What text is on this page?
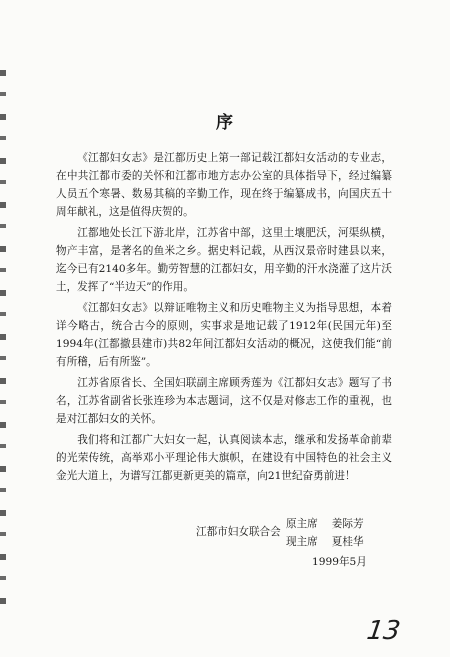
序

《江都妇女志》是江都历史上第一部记载江都妇女活动的专业志，在中共江都市委的关怀和江都市地方志办公室的具体指导下，经过编纂人员五个寒暑、数易其稿的辛勤工作，现在终于编纂成书，向国庆五十周年献礼，这是值得庆贺的。

江都地处长江下游北岸，江苏省中部，这里土壤肥沃，河渠纵横，物产丰富，是著名的鱼米之乡。据史料记载，从西汉景帝时建县以来，迄今已有2140多年。勤劳智慧的江都妇女，用辛勤的汗水浇灌了这片沃土，发挥了“半边天”的作用。

《江都妇女志》以辩证唯物主义和历史唯物主义为指导思想，本着详今略古，统合古今的原则，实事求是地记载了1912年(民国元年)至1994年(江都撤县建市)共82年间江都妇女活动的概况，这使我们能“前有所稽，后有所鉴”。

江苏省原省长、全国妇联副主席顾秀莲为《江都妇女志》题写了书名，江苏省副省长张连珍为本志题词，这不仅是对修志工作的重视，也是对江都妇女的关怀。

我们将和江都广大妇女一起，认真阅读本志，继承和发扬革命前辈的光荣传统，高举邓小平理论伟大旗帜，在建设有中国特色的社会主义金光大道上，为谱写江都更新更美的篇章，向21世纪奋勇前进！

江都市妇女联合会
原主席 姜际芳
现主席 夏桂华
1999年5月
13
